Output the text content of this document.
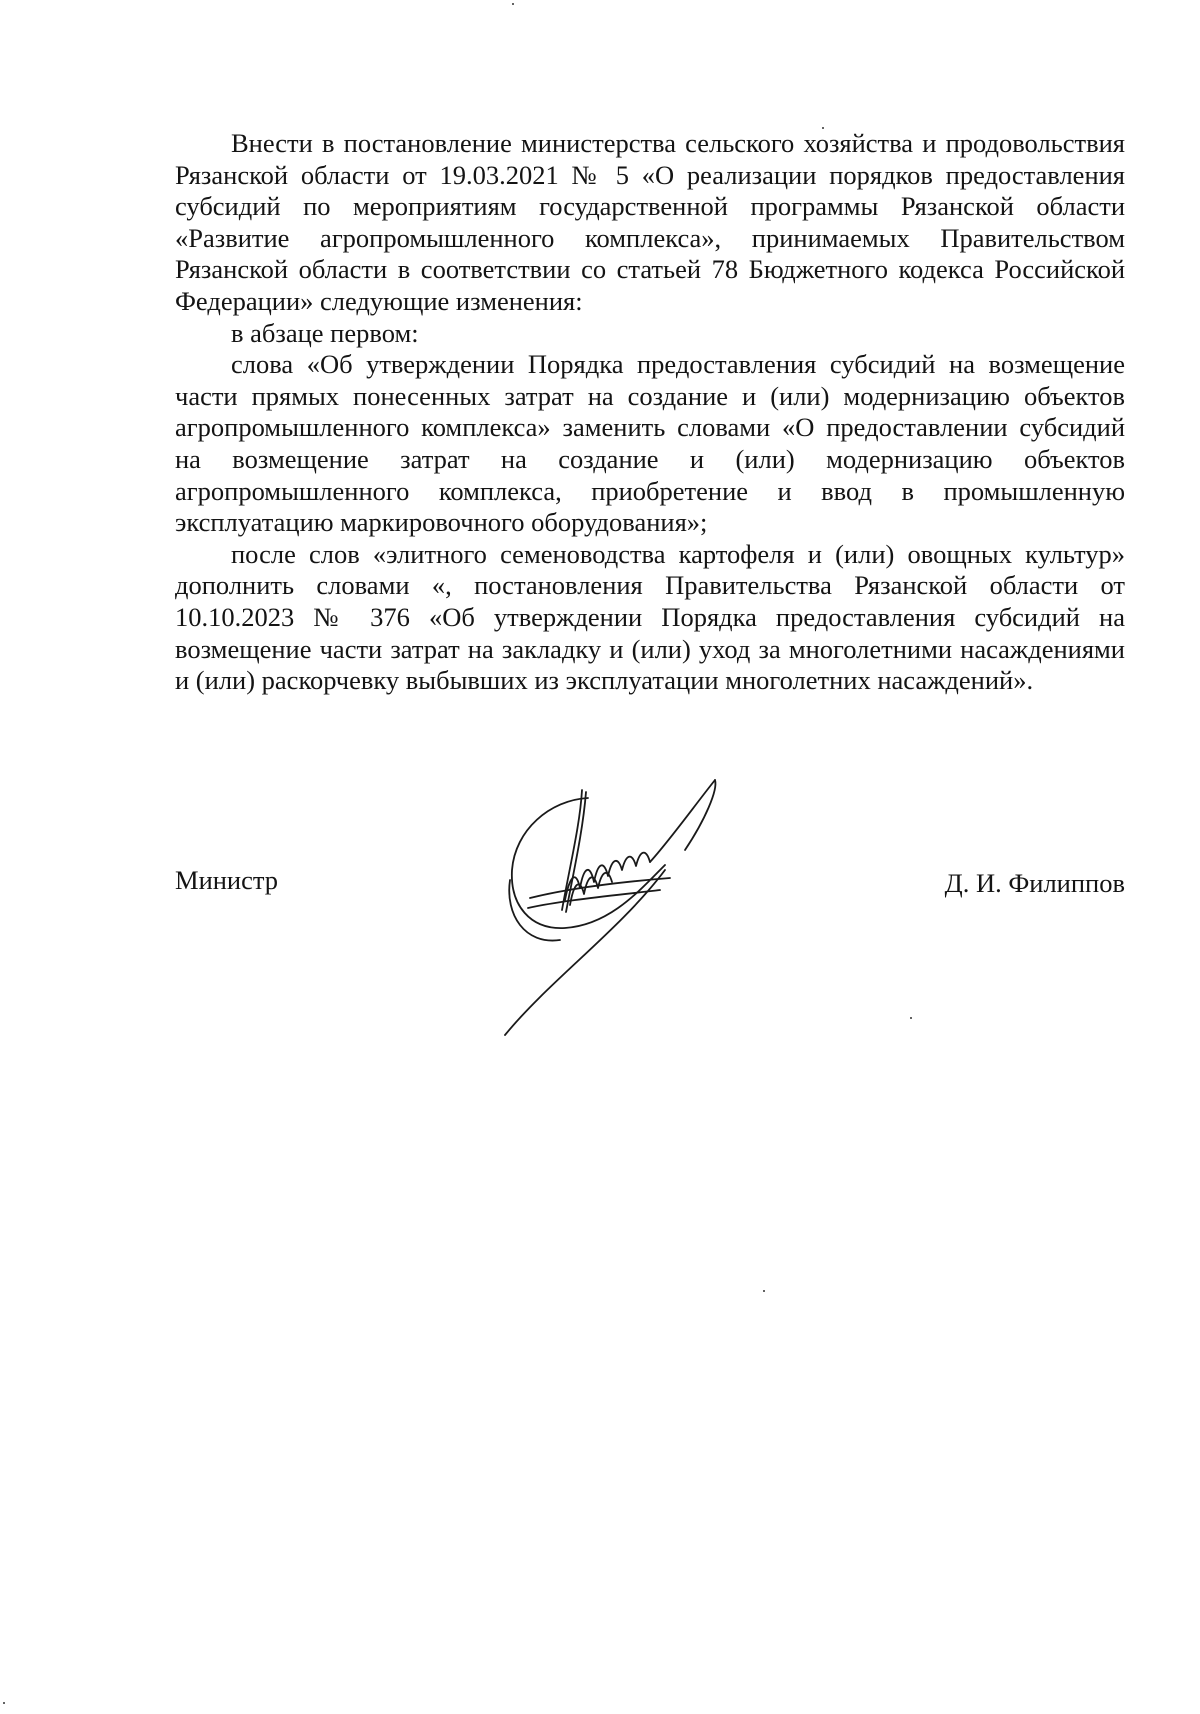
Внести в постановление министерства сельского хозяйства и продовольствия Рязанской области от 19.03.2021 № 5 «О реализации порядков предоставления субсидий по мероприятиям государственной программы Рязанской области «Развитие агропромышленного комплекса», принимаемых Правительством Рязанской области в соответствии со статьей 78 Бюджетного кодекса Российской Федерации» следующие изменения:

в абзаце первом:

слова «Об утверждении Порядка предоставления субсидий на возмещение части прямых понесенных затрат на создание и (или) модернизацию объектов агропромышленного комплекса» заменить словами «О предоставлении субсидий на возмещение затрат на создание и (или) модернизацию объектов агропромышленного комплекса, приобретение и ввод в промышленную эксплуатацию маркировочного оборудования»;

после слов «элитного семеноводства картофеля и (или) овощных культур» дополнить словами «, постановления Правительства Рязанской области от 10.10.2023 № 376 «Об утверждении Порядка предоставления субсидий на возмещение части затрат на закладку и (или) уход за многолетними насаждениями и (или) раскорчевку выбывших из эксплуатации многолетних насаждений».

Министр	Д. И. Филиппов
